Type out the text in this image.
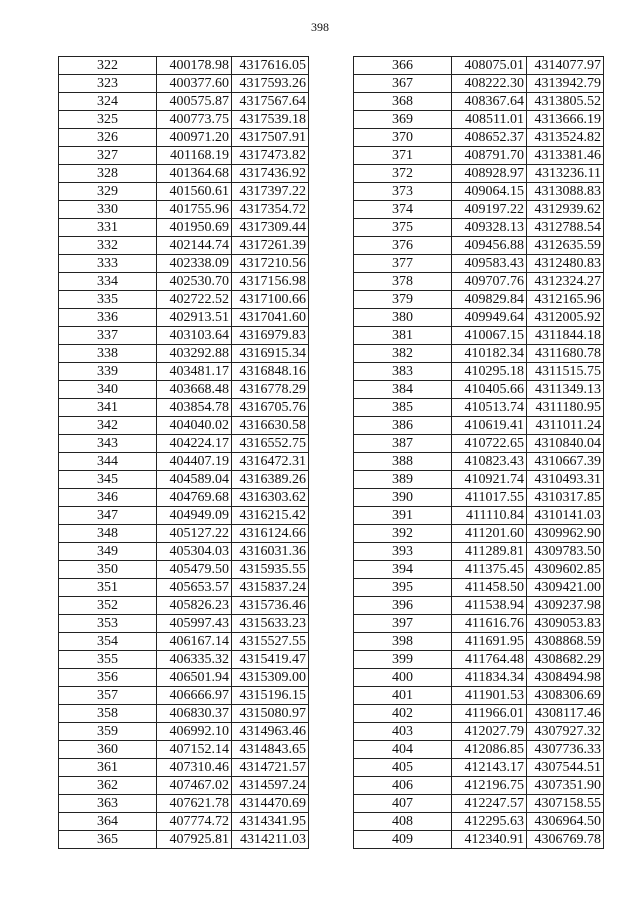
398
322	400178.98	4317616.05
323	400377.60	4317593.26
324	400575.87	4317567.64
325	400773.75	4317539.18
326	400971.20	4317507.91
327	401168.19	4317473.82
328	401364.68	4317436.92
329	401560.61	4317397.22
330	401755.96	4317354.72
331	401950.69	4317309.44
332	402144.74	4317261.39
333	402338.09	4317210.56
334	402530.70	4317156.98
335	402722.52	4317100.66
336	402913.51	4317041.60
337	403103.64	4316979.83
338	403292.88	4316915.34
339	403481.17	4316848.16
340	403668.48	4316778.29
341	403854.78	4316705.76
342	404040.02	4316630.58
343	404224.17	4316552.75
344	404407.19	4316472.31
345	404589.04	4316389.26
346	404769.68	4316303.62
347	404949.09	4316215.42
348	405127.22	4316124.66
349	405304.03	4316031.36
350	405479.50	4315935.55
351	405653.57	4315837.24
352	405826.23	4315736.46
353	405997.43	4315633.23
354	406167.14	4315527.55
355	406335.32	4315419.47
356	406501.94	4315309.00
357	406666.97	4315196.15
358	406830.37	4315080.97
359	406992.10	4314963.46
360	407152.14	4314843.65
361	407310.46	4314721.57
362	407467.02	4314597.24
363	407621.78	4314470.69
364	407774.72	4314341.95
365	407925.81	4314211.03
366	408075.01	4314077.97
367	408222.30	4313942.79
368	408367.64	4313805.52
369	408511.01	4313666.19
370	408652.37	4313524.82
371	408791.70	4313381.46
372	408928.97	4313236.11
373	409064.15	4313088.83
374	409197.22	4312939.62
375	409328.13	4312788.54
376	409456.88	4312635.59
377	409583.43	4312480.83
378	409707.76	4312324.27
379	409829.84	4312165.96
380	409949.64	4312005.92
381	410067.15	4311844.18
382	410182.34	4311680.78
383	410295.18	4311515.75
384	410405.66	4311349.13
385	410513.74	4311180.95
386	410619.41	4311011.24
387	410722.65	4310840.04
388	410823.43	4310667.39
389	410921.74	4310493.31
390	411017.55	4310317.85
391	411110.84	4310141.03
392	411201.60	4309962.90
393	411289.81	4309783.50
394	411375.45	4309602.85
395	411458.50	4309421.00
396	411538.94	4309237.98
397	411616.76	4309053.83
398	411691.95	4308868.59
399	411764.48	4308682.29
400	411834.34	4308494.98
401	411901.53	4308306.69
402	411966.01	4308117.46
403	412027.79	4307927.32
404	412086.85	4307736.33
405	412143.17	4307544.51
406	412196.75	4307351.90
407	412247.57	4307158.55
408	412295.63	4306964.50
409	412340.91	4306769.78
